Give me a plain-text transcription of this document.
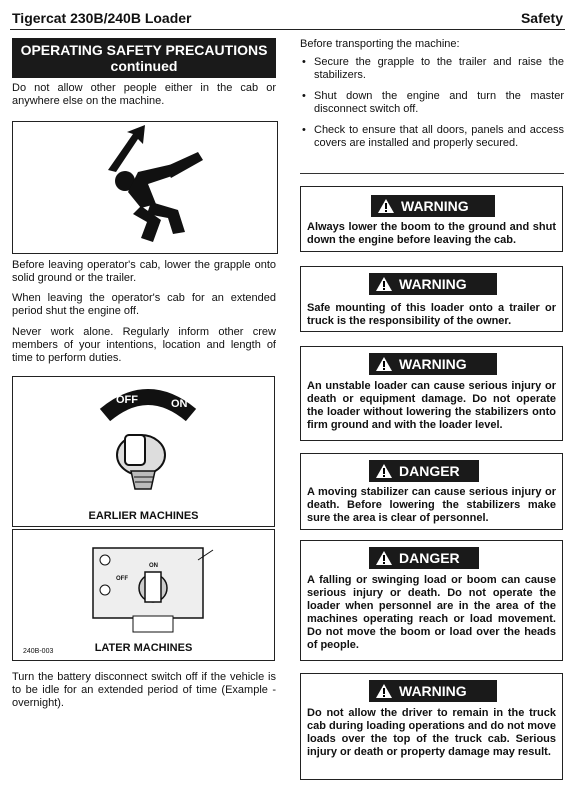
Tigercat 230B/240B Loader	Safety
OPERATING SAFETY PRECAUTIONS
continued
Do not allow other people either in the cab or anywhere else on the machine.
Before leaving operator's cab, lower the grapple onto solid ground or the trailer.
When leaving the operator's cab for an extended period shut the engine off.
Never work alone. Regularly inform other crew members of your intentions, location and length of time to perform duties.
OFF	ON
EARLIER MACHINES
OFF
ON
240B-003	LATER MACHINES
Turn the battery disconnect switch off if the vehicle is to be idle for an extended period of time (Example - overnight).
Before transporting the machine:
• Secure the grapple to the trailer and raise the stabilizers.
• Shut down the engine and turn the master disconnect switch off.
• Check to ensure that all doors, panels and access covers are installed and properly secured.
WARNING
Always lower the boom to the ground and shut down the engine before leaving the cab.
WARNING
Safe mounting of this loader onto a trailer or truck is the responsibility of the owner.
WARNING
An unstable loader can cause serious injury or death or equipment damage. Do not operate the loader without lowering the stabilizers onto firm ground and with the loader level.
DANGER
A moving stabilizer can cause serious injury or death. Before lowering the stabilizers make sure the area is clear of personnel.
DANGER
A falling or swinging load or boom can cause serious injury or death. Do not operate the loader when personnel are in the area of the machines operating reach or load movement. Do not move the boom or load over the heads of people.
WARNING
Do not allow the driver to remain in the truck cab during loading operations and do not move loads over the top of the truck cab. Serious injury or death or property damage may result.
